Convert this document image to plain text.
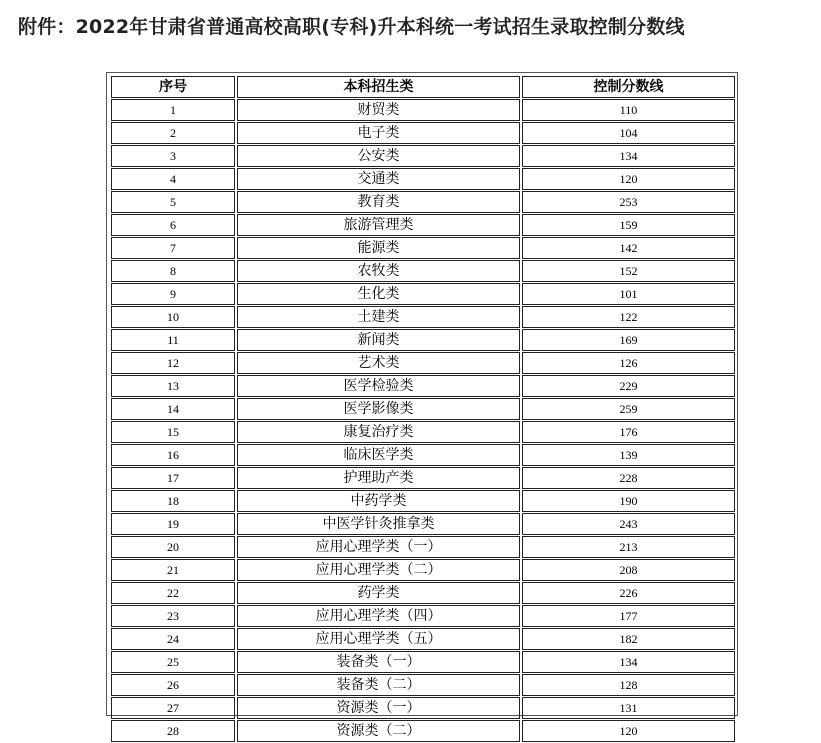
附件：2022年甘肃省普通高校高职(专科)升本科统一考试招生录取控制分数线
序号	本科招生类	控制分数线
1	财贸类	110
2	电子类	104
3	公安类	134
4	交通类	120
5	教育类	253
6	旅游管理类	159
7	能源类	142
8	农牧类	152
9	生化类	101
10	土建类	122
11	新闻类	169
12	艺术类	126
13	医学检验类	229
14	医学影像类	259
15	康复治疗类	176
16	临床医学类	139
17	护理助产类	228
18	中药学类	190
19	中医学针灸推拿类	243
20	应用心理学类（一）	213
21	应用心理学类（二）	208
22	药学类	226
23	应用心理学类（四）	177
24	应用心理学类（五）	182
25	装备类（一）	134
26	装备类（二）	128
27	资源类（一）	131
28	资源类（二）	120
